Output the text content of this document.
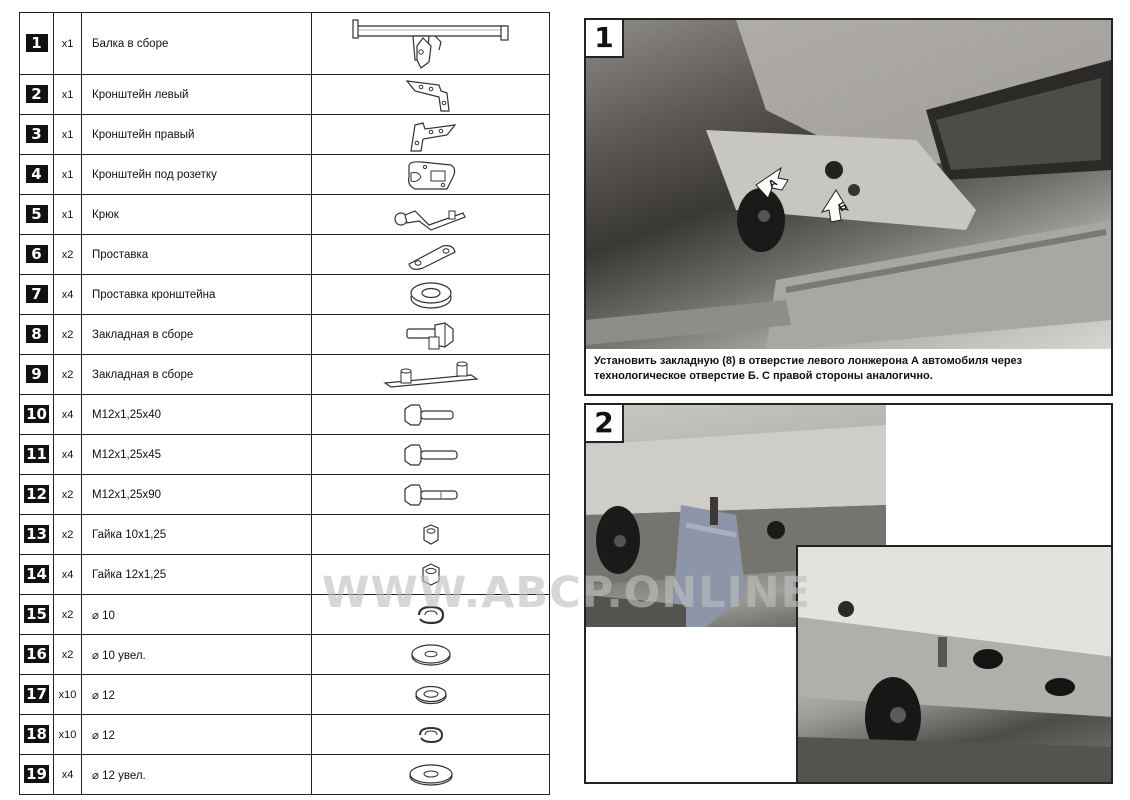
1	x1	Балка в сборе	

2	x1	Кронштейн левый	

3	x1	Кронштейн правый	

4	x1	Кронштейн под розетку	

5	x1	Крюк	

6	x2	Проставка	

7	x4	Проставка кронштейна	

8	x2	Закладная в сборе	

9	x2	Закладная в сборе	

10	x4	M12x1,25x40	

11	x4	M12x1,25x45	

12	x2	M12x1,25x90	

13	x2	Гайка 10x1,25	

14	x4	Гайка 12x1,25	

15	x2	⌀ 10	

16	x2	⌀ 10 увел.	

17	x10	⌀ 12	

18	x10	⌀ 12	

19	x4	⌀ 12 увел.	
А
Б
1
Установить закладную (8) в отверстие левого лонжерона А автомобиля через технологическое отверстие Б. С правой стороны аналогично.
2
WWW.ABCP.ONLINE
